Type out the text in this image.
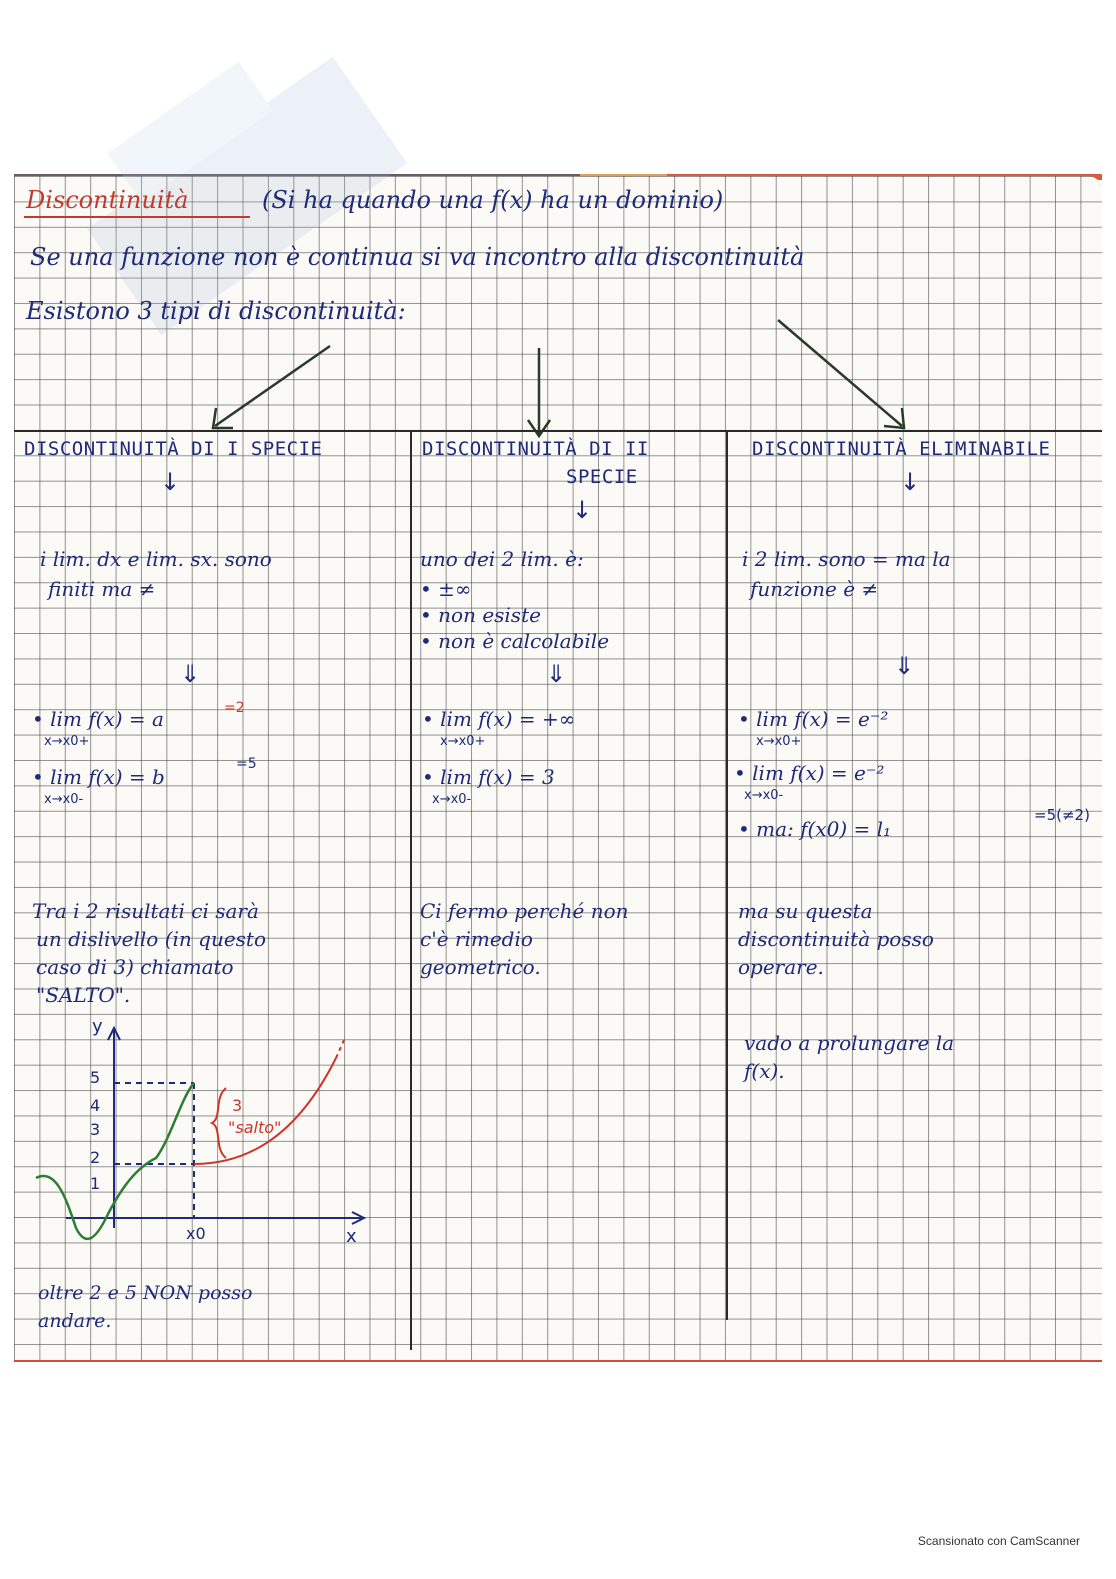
Discontinuità	(Si ha quando una f(x) ha un dominio)
Se una funzione non è continua si va incontro alla discontinuità
Esistono 3 tipi di discontinuità:
DISCONTINUITÀ DI I SPECIE
↓
i lim. dx e lim. sx. sono
finiti ma ≠
⇓
• lim f(x) = a
x→x0+
=2
• lim f(x) = b
x→x0-
=5
Tra i 2 risultati ci sarà
un dislivello (in questo
caso di 3) chiamato
"SALTO".
y
x
x0
5
4
3
2
1
3
"salto"
oltre 2 e 5 NON posso
andare.
DISCONTINUITÀ DI II
SPECIE
↓
uno dei 2 lim. è:
• ±∞
• non esiste
• non è calcolabile
⇓
• lim f(x) = +∞
x→x0+
• lim f(x) = 3
x→x0-
Ci fermo perché non
c'è rimedio
geometrico.
DISCONTINUITÀ ELIMINABILE
↓
i 2 lim. sono = ma la
funzione è ≠
⇓
• lim f(x) = e⁻²
x→x0+
• lim f(x) = e⁻²
x→x0-
• ma: f(x0) = l₁
=5(≠2)
ma su questa
discontinuità posso
operare.
vado a prolungare la
f(x).
Scansionato con CamScanner
